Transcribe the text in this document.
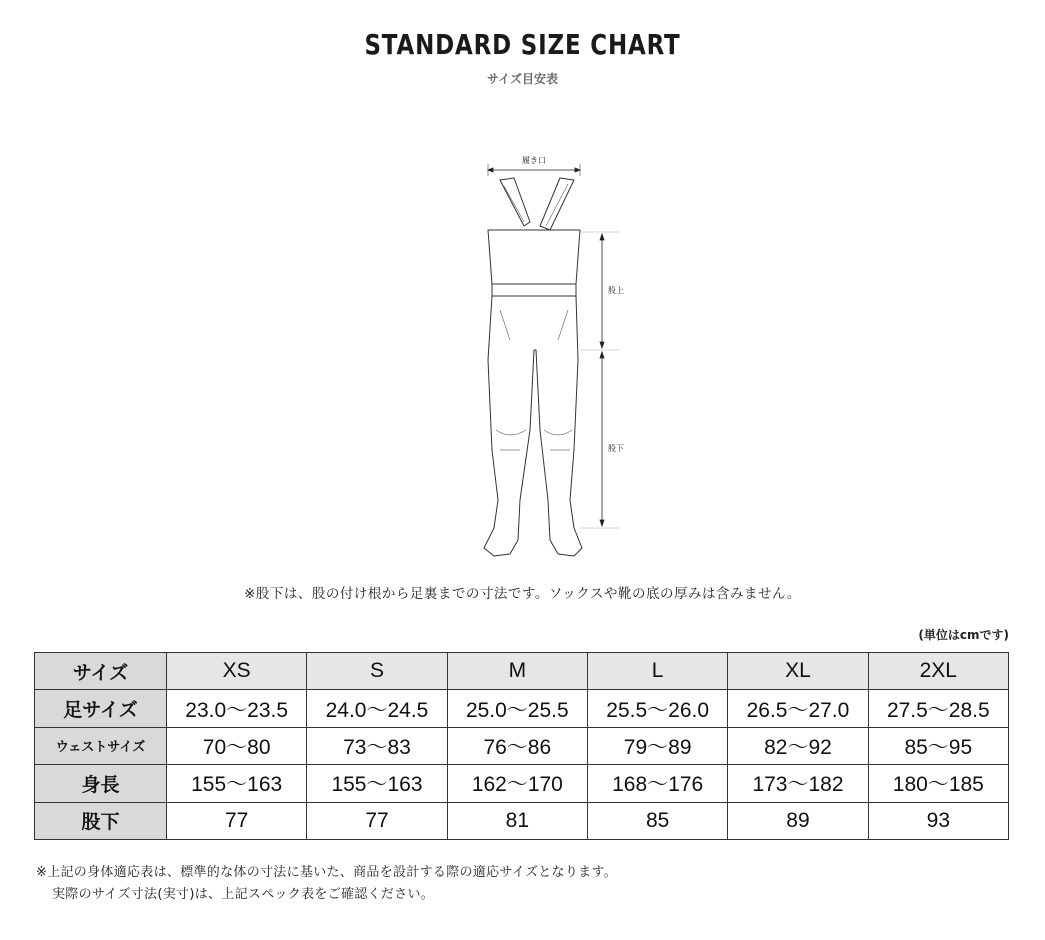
STANDARD SIZE CHART
サイズ目安表
履き口
股上
股下
※股下は、股の付け根から足裏までの寸法です。ソックスや靴の底の厚みは含みません。
(単位はcmです)
サイズ	XS	S	M	L	XL	2XL
足サイズ	23.0〜23.5	24.0〜24.5	25.0〜25.5	25.5〜26.0	26.5〜27.0	27.5〜28.5
ウェストサイズ	70〜80	73〜83	76〜86	79〜89	82〜92	85〜95
身長	155〜163	155〜163	162〜170	168〜176	173〜182	180〜185
股下	77	77	81	85	89	93
※上記の身体適応表は、標準的な体の寸法に基いた、商品を設計する際の適応サイズとなります。
実際のサイズ寸法(実寸)は、上記スペック表をご確認ください。
